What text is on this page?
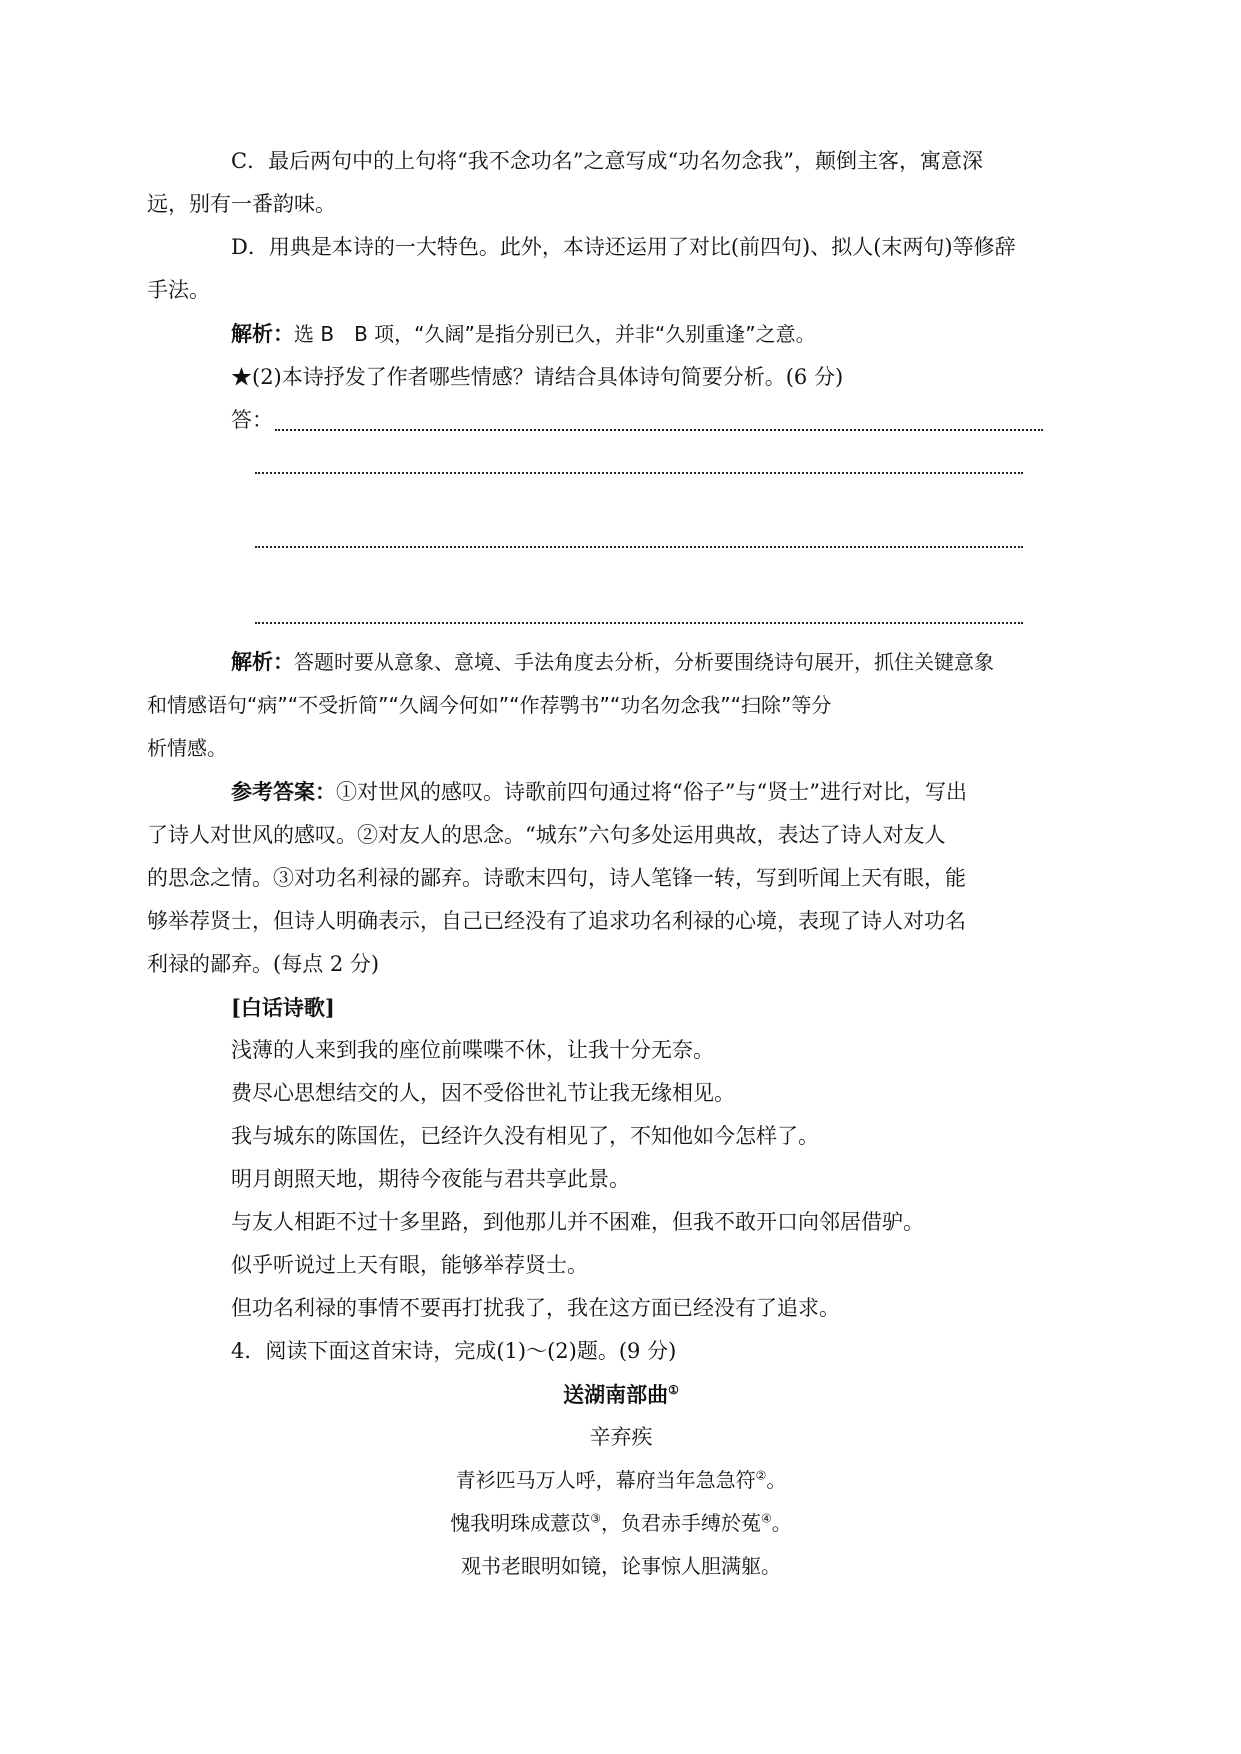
C．最后两句中的上句将“我不念功名”之意写成“功名勿念我”，颠倒主客，寓意深
远，别有一番韵味。

D．用典是本诗的一大特色。此外，本诗还运用了对比(前四句)、拟人(末两句)等修辞
手法。

解析：选 B　B 项，“久阔”是指分别已久，并非“久别重逢”之意。

★(2)本诗抒发了作者哪些情感？请结合具体诗句简要分析。(6 分)

答：

解析：答题时要从意象、意境、手法角度去分析，分析要围绕诗句展开，抓住关键意象
和情感语句“病”“不受折简”“久阔今何如”“作荐鹗书”“功名勿念我”“扫除”等分
析情感。

参考答案：①对世风的感叹。诗歌前四句通过将“俗子”与“贤士”进行对比，写出
了诗人对世风的感叹。②对友人的思念。“城东”六句多处运用典故，表达了诗人对友人
的思念之情。③对功名利禄的鄙弃。诗歌末四句，诗人笔锋一转，写到听闻上天有眼，能
够举荐贤士，但诗人明确表示，自己已经没有了追求功名利禄的心境，表现了诗人对功名
利禄的鄙弃。(每点 2 分)

[白话诗歌]

浅薄的人来到我的座位前喋喋不休，让我十分无奈。

费尽心思想结交的人，因不受俗世礼节让我无缘相见。

我与城东的陈国佐，已经许久没有相见了，不知他如今怎样了。

明月朗照天地，期待今夜能与君共享此景。

与友人相距不过十多里路，到他那儿并不困难，但我不敢开口向邻居借驴。

似乎听说过上天有眼，能够举荐贤士。

但功名利禄的事情不要再打扰我了，我在这方面已经没有了追求。

4．阅读下面这首宋诗，完成(1)～(2)题。(9 分)

送湖南部曲①

辛弃疾

青衫匹马万人呼，幕府当年急急符②。

愧我明珠成薏苡③，负君赤手缚於菟④。

观书老眼明如镜，论事惊人胆满躯。
